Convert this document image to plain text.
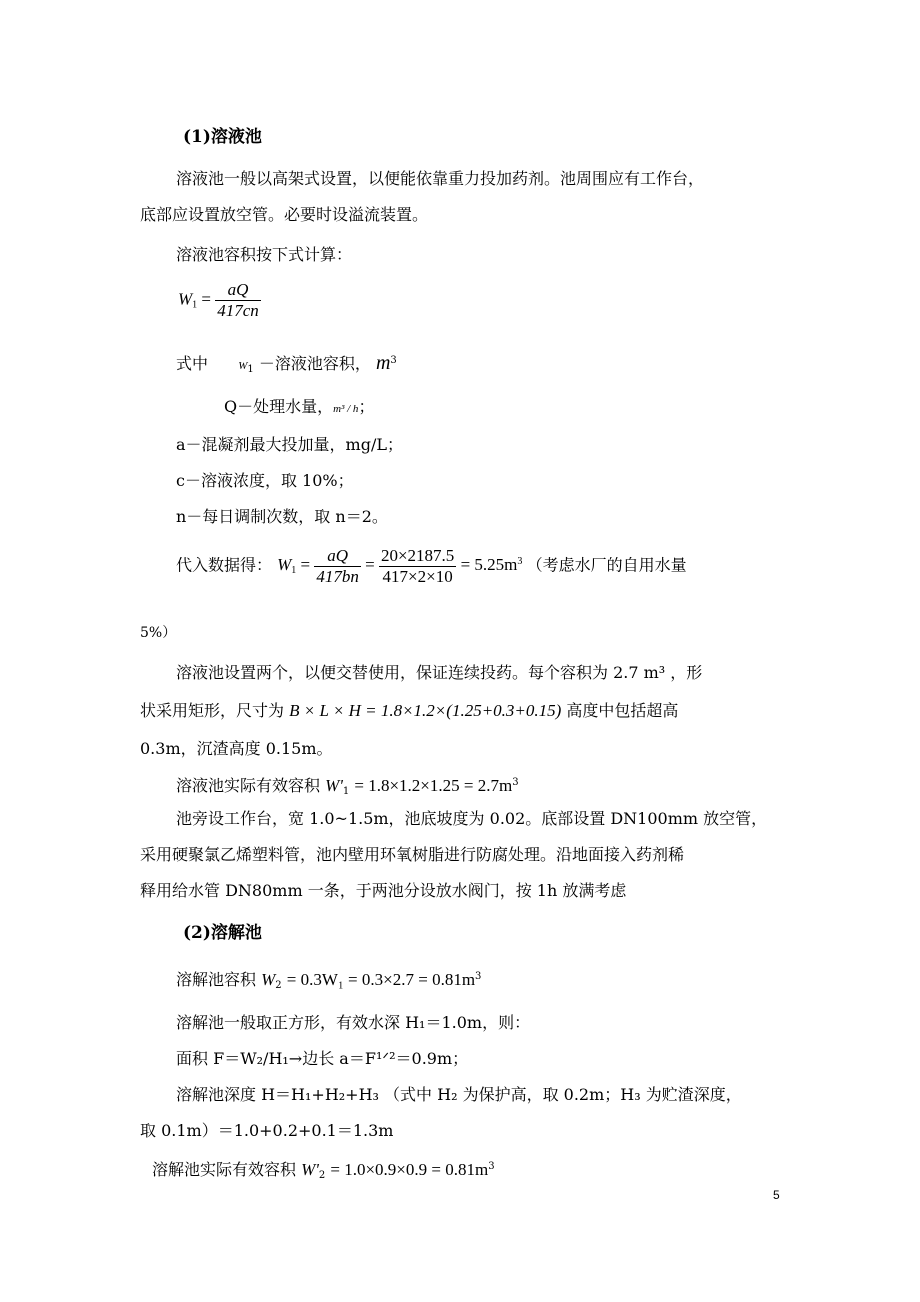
(1)溶液池
溶液池一般以高架式设置，以便能依靠重力投加药剂。池周围应有工作台，
底部应设置放空管。必要时设溢流装置。
溶液池容积按下式计算：
$W_1 = \frac{aQ}{417cn}$
式中	$W_1$ －溶液池容积， $m^3$
Q－处理水量，m³ / h；
a－混凝剂最大投加量，mg/L；
c－溶液浓度，取 10%；
n－每日调制次数，取 n＝2。
代入数据得： $W_1 = \frac{aQ}{417bn} = \frac{20\times 2187.5}{417\times 2\times 10} = 5.25m^3$ （考虑水厂的自用水量
5%）
溶液池设置两个，以便交替使用，保证连续投药。每个容积为 2.7 m³ ，形
状采用矩形，尺寸为 B × L × H = 1.8×1.2×(1.25+0.3+0.15) 高度中包括超高
0.3m，沉渣高度 0.15m。
溶液池实际有效容积 $W'_1 = 1.8\times 1.2\times 1.25 = 2.7m^3$
池旁设工作台，宽 1.0~1.5m，池底坡度为 0.02。底部设置 DN100mm 放空管，
采用硬聚氯乙烯塑料管，池内壁用环氧树脂进行防腐处理。沿地面接入药剂稀
释用给水管 DN80mm 一条，于两池分设放水阀门，按 1h 放满考虑
(2)溶解池
溶解池容积 $W_2 = 0.3W_1 = 0.3\times 2.7 = 0.81m^3$
溶解池一般取正方形，有效水深 H₁＝1.0m，则：
面积 F＝W₂/H₁→边长 a＝F¹ᐟ²＝0.9m；
溶解池深度 H＝H₁+H₂+H₃ （式中 H₂ 为保护高，取 0.2m；H₃ 为贮渣深度，
取 0.1m）＝1.0+0.2+0.1＝1.3m
溶解池实际有效容积 $W'_2 = 1.0\times 0.9\times 0.9 = 0.81m^3$
5
